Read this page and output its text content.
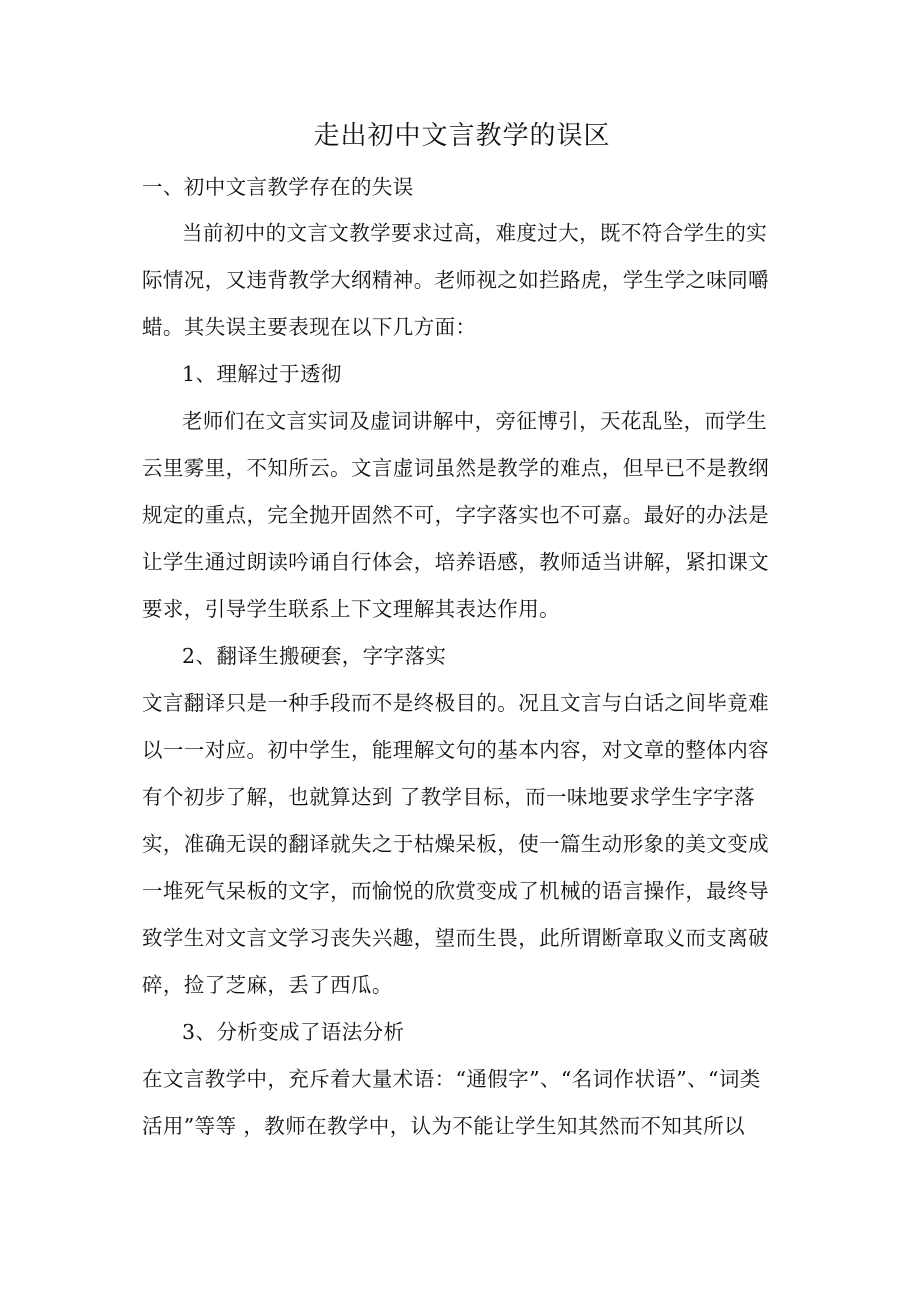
走出初中文言教学的误区
一、初中文言教学存在的失误
当前初中的文言文教学要求过高，难度过大，既不符合学生的实
际情况，又违背教学大纲精神。老师视之如拦路虎，学生学之味同嚼
蜡。其失误主要表现在以下几方面：
1、理解过于透彻
老师们在文言实词及虚词讲解中，旁征博引，天花乱坠，而学生
云里雾里，不知所云。文言虚词虽然是教学的难点，但早已不是教纲
规定的重点，完全抛开固然不可，字字落实也不可嘉。最好的办法是
让学生通过朗读吟诵自行体会，培养语感，教师适当讲解，紧扣课文
要求，引导学生联系上下文理解其表达作用。
2、翻译生搬硬套，字字落实
文言翻译只是一种手段而不是终极目的。况且文言与白话之间毕竟难
以一一对应。初中学生，能理解文句的基本内容，对文章的整体内容
有个初步了解，也就算达到 了教学目标，而一味地要求学生字字落
实，准确无误的翻译就失之于枯燥呆板，使一篇生动形象的美文变成
一堆死气呆板的文字，而愉悦的欣赏变成了机械的语言操作，最终导
致学生对文言文学习丧失兴趣，望而生畏，此所谓断章取义而支离破
碎，捡了芝麻，丢了西瓜。
3、分析变成了语法分析
在文言教学中，充斥着大量术语：“通假字”、“名词作状语”、“词类
活用”等等 ，教师在教学中，认为不能让学生知其然而不知其所以
